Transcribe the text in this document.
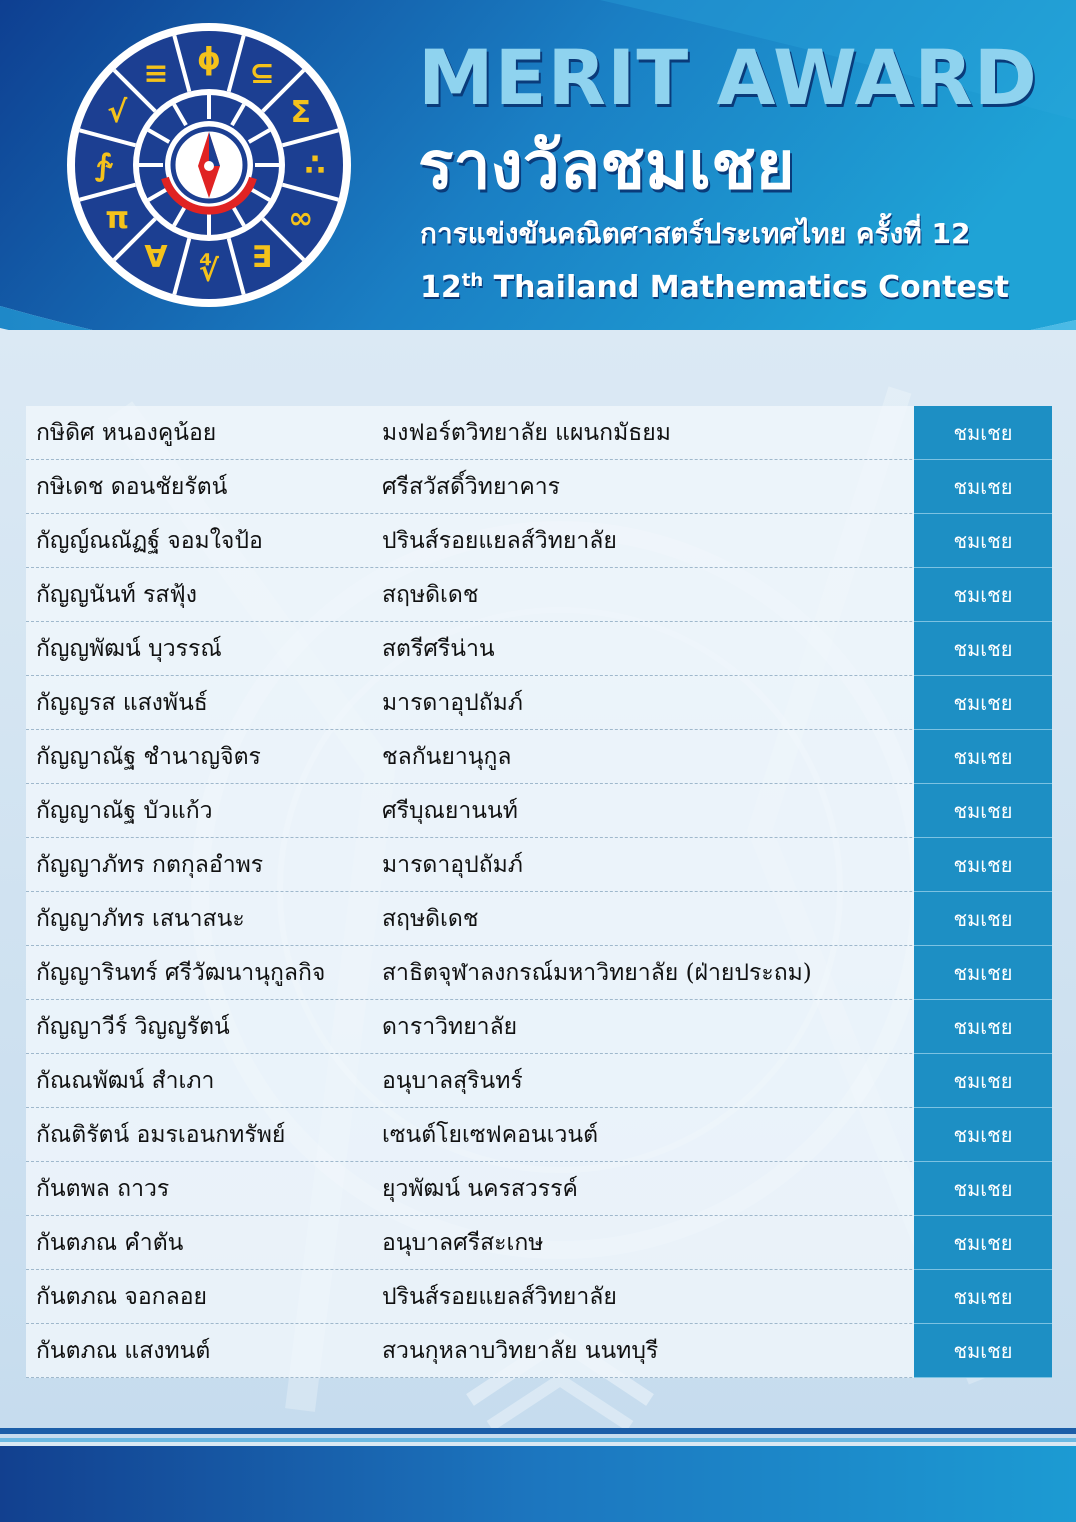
ϕ ⊆
Σ
∴
∞
∃
∜
∀
π
∱
√
≡	MERIT AWARD
รางวัลชมเชย
การแข่งขันคณิตศาสตร์ประเทศไทย ครั้งที่ 12
12th Thailand Mathematics Contest
กษิดิศ หนองคูน้อย	มงฟอร์ตวิทยาลัย แผนกมัธยม	ชมเชย
กษิเดช ดอนชัยรัตน์	ศรีสวัสดิ์วิทยาคาร	ชมเชย
กัญญ์ณณัฏฐ์ จอมใจป้อ	ปรินส์รอยแยลส์วิทยาลัย	ชมเชย
กัญญนันท์ รสฟุ้ง	สฤษดิเดช	ชมเชย
กัญญพัฒน์ บุวรรณ์	สตรีศรีน่าน	ชมเชย
กัญญรส แสงพันธ์	มารดาอุปถัมภ์	ชมเชย
กัญญาณัฐ ชำนาญจิตร	ชลกันยานุกูล	ชมเชย
กัญญาณัฐ บัวแก้ว	ศรีบุณยานนท์	ชมเชย
กัญญาภัทร กตกุลอำพร	มารดาอุปถัมภ์	ชมเชย
กัญญาภัทร เสนาสนะ	สฤษดิเดช	ชมเชย
กัญญารินทร์ ศรีวัฒนานุกูลกิจ	สาธิตจุฬาลงกรณ์มหาวิทยาลัย (ฝ่ายประถม)	ชมเชย
กัญญาวีร์ วิญญรัตน์	ดาราวิทยาลัย	ชมเชย
กัณณพัฒน์ สำเภา	อนุบาลสุรินทร์	ชมเชย
กัณติรัตน์ อมรเอนกทรัพย์	เซนต์โยเซฟคอนเวนต์	ชมเชย
กันตพล ถาวร	ยุวพัฒน์ นครสวรรค์	ชมเชย
กันตภณ คำตัน	อนุบาลศรีสะเกษ	ชมเชย
กันตภณ จอกลอย	ปรินส์รอยแยลส์วิทยาลัย	ชมเชย
กันตภณ แสงทนต์	สวนกุหลาบวิทยาลัย นนทบุรี	ชมเชย
